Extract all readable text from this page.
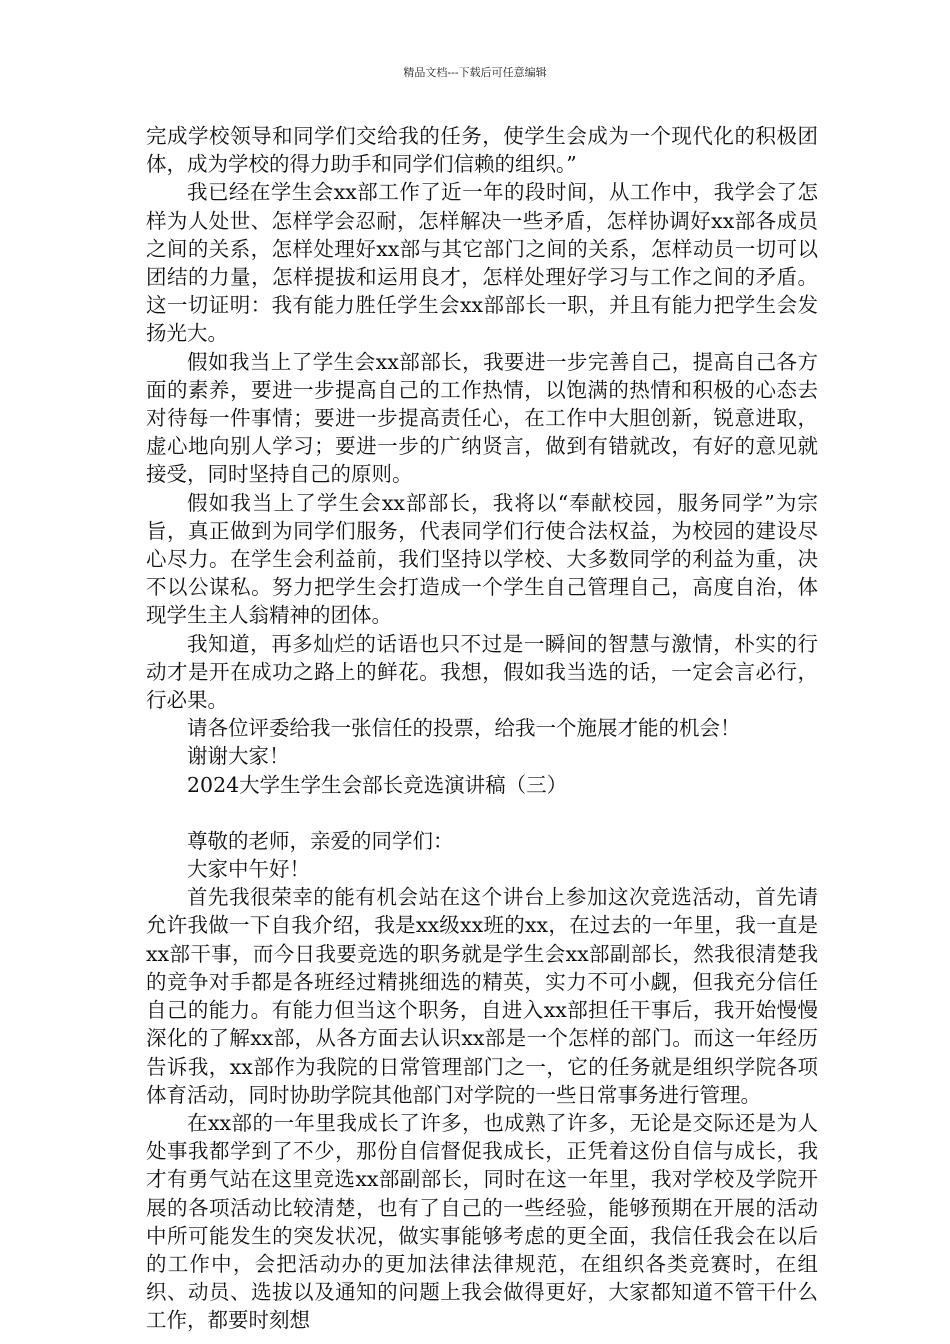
精品文档---下载后可任意编辑

完成学校领导和同学们交给我的任务，使学生会成为一个现代化的积极团体，成为学校的得力助手和同学们信赖的组织。”

我已经在学生会xx部工作了近一年的段时间，从工作中，我学会了怎样为人处世、怎样学会忍耐，怎样解决一些矛盾，怎样协调好xx部各成员之间的关系，怎样处理好xx部与其它部门之间的关系，怎样动员一切可以团结的力量，怎样提拔和运用良才，怎样处理好学习与工作之间的矛盾。这一切证明：我有能力胜任学生会xx部部长一职，并且有能力把学生会发扬光大。

假如我当上了学生会xx部部长，我要进一步完善自己，提高自己各方面的素养，要进一步提高自己的工作热情，以饱满的热情和积极的心态去对待每一件事情；要进一步提高责任心，在工作中大胆创新，锐意进取，虚心地向别人学习；要进一步的广纳贤言，做到有错就改，有好的意见就接受，同时坚持自己的原则。

假如我当上了学生会xx部部长，我将以“奉献校园，服务同学”为宗旨，真正做到为同学们服务，代表同学们行使合法权益，为校园的建设尽心尽力。在学生会利益前，我们坚持以学校、大多数同学的利益为重，决不以公谋私。努力把学生会打造成一个学生自己管理自己，高度自治，体现学生主人翁精神的团体。

我知道，再多灿烂的话语也只不过是一瞬间的智慧与激情，朴实的行动才是开在成功之路上的鲜花。我想，假如我当选的话，一定会言必行，行必果。

请各位评委给我一张信任的投票，给我一个施展才能的机会！

谢谢大家！

2024大学生学生会部长竞选演讲稿（三）

尊敬的老师，亲爱的同学们：

大家中午好！

首先我很荣幸的能有机会站在这个讲台上参加这次竞选活动，首先请允许我做一下自我介绍，我是xx级xx班的xx，在过去的一年里，我一直是xx部干事，而今日我要竞选的职务就是学生会xx部副部长，然我很清楚我的竞争对手都是各班经过精挑细选的精英，实力不可小觑，但我充分信任自己的能力。有能力但当这个职务，自进入xx部担任干事后，我开始慢慢深化的了解xx部，从各方面去认识xx部是一个怎样的部门。而这一年经历告诉我，xx部作为我院的日常管理部门之一，它的任务就是组织学院各项体育活动，同时协助学院其他部门对学院的一些日常事务进行管理。

在xx部的一年里我成长了许多，也成熟了许多，无论是交际还是为人处事我都学到了不少，那份自信督促我成长，正凭着这份自信与成长，我才有勇气站在这里竞选xx部副部长，同时在这一年里，我对学校及学院开展的各项活动比较清楚，也有了自己的一些经验，能够预期在开展的活动中所可能发生的突发状况，做实事能够考虑的更全面，我信任我会在以后的工作中，会把活动办的更加法律法律规范，在组织各类竞赛时，在组织、动员、选拔以及通知的问题上我会做得更好，大家都知道不管干什么工作，都要时刻想
